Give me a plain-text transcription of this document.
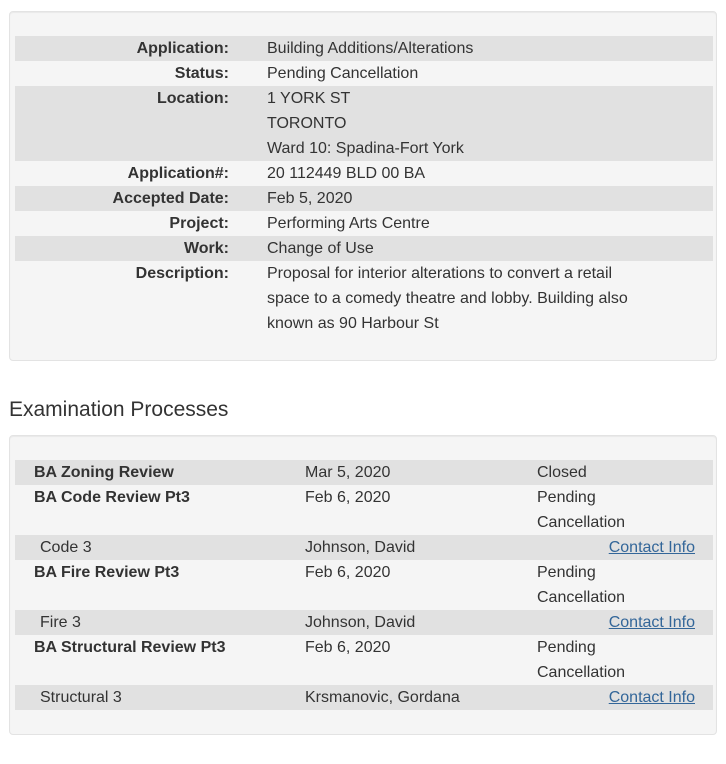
Application: Building Additions/Alterations
Status: Pending Cancellation
Location: 1 YORK ST
TORONTO
Ward 10: Spadina-Fort York
Application#: 20 112449 BLD 00 BA
Accepted Date: Feb 5, 2020
Project: Performing Arts Centre
Work: Change of Use
Description: Proposal for interior alterations to convert a retail
space to a comedy theatre and lobby. Building also
known as 90 Harbour St
Examination Processes
BA Zoning Review	Mar 5, 2020	Closed
BA Code Review Pt3	Feb 6, 2020	Pending
Cancellation
Code 3	Johnson, David	Contact Info
BA Fire Review Pt3	Feb 6, 2020	Pending
Cancellation
Fire 3	Johnson, David	Contact Info
BA Structural Review Pt3	Feb 6, 2020	Pending
Cancellation
Structural 3	Krsmanovic, Gordana	Contact Info
